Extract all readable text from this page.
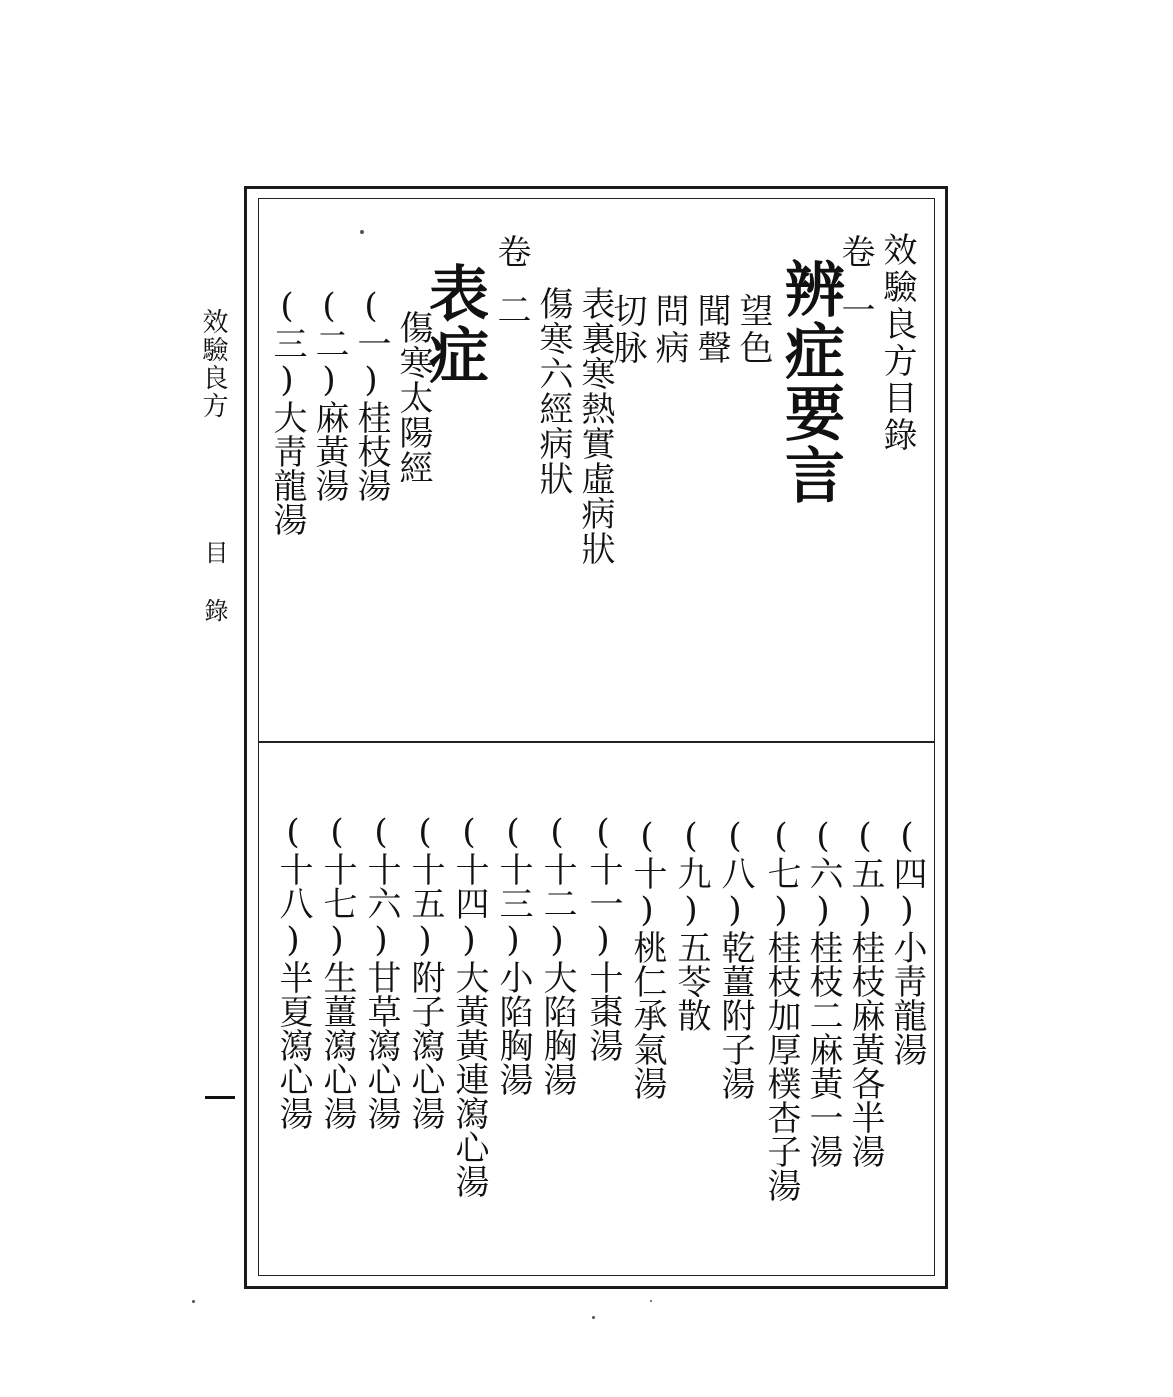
效驗良方
目錄
效驗良方目錄
卷
一
辨症要言
望色
聞聲
問病
切脉
表裏寒熱實虛病狀
傷寒六經病狀
卷
二
表症
傷寒太陽經
(一)桂枝湯
(二)麻黃湯
(三)大靑龍湯
(四)小靑龍湯
(五)桂枝麻黃各半湯
(六)桂枝二麻黃一湯
(七)桂枝加厚樸杏子湯
(八)乾薑附子湯
(九)五苓散
(十)桃仁承氣湯
(十一)十棗湯
(十二)大陷胸湯
(十三)小陷胸湯
(十四)大黃黃連瀉心湯
(十五)附子瀉心湯
(十六)甘草瀉心湯
(十七)生薑瀉心湯
(十八)半夏瀉心湯
